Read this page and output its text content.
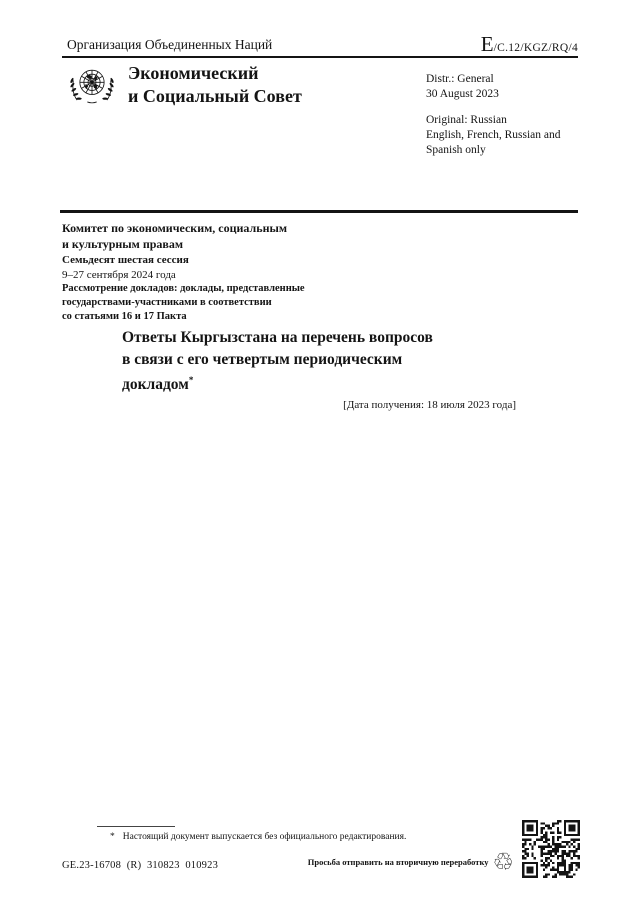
Организация Объединенных Наций	E/C.12/KGZ/RQ/4
Экономический
и Социальный Совет
Distr.: General
30 August 2023
Original: Russian
English, French, Russian and
Spanish only
Комитет по экономическим, социальным
и культурным правам
Семьдесят шестая сессия
9–27 сентября 2024 года
Рассмотрение докладов: доклады, представленные
государствами-участниками в соответствии
со статьями 16 и 17 Пакта
Ответы Кыргызстана на перечень вопросов
в связи с его четвертым периодическим
докладом*
[Дата получения: 18 июля 2023 года]
* Настоящий документ выпускается без официального редактирования.
GE.23-16708  (R)  310823  010923	Просьба отправить на вторичную переработку ♲
